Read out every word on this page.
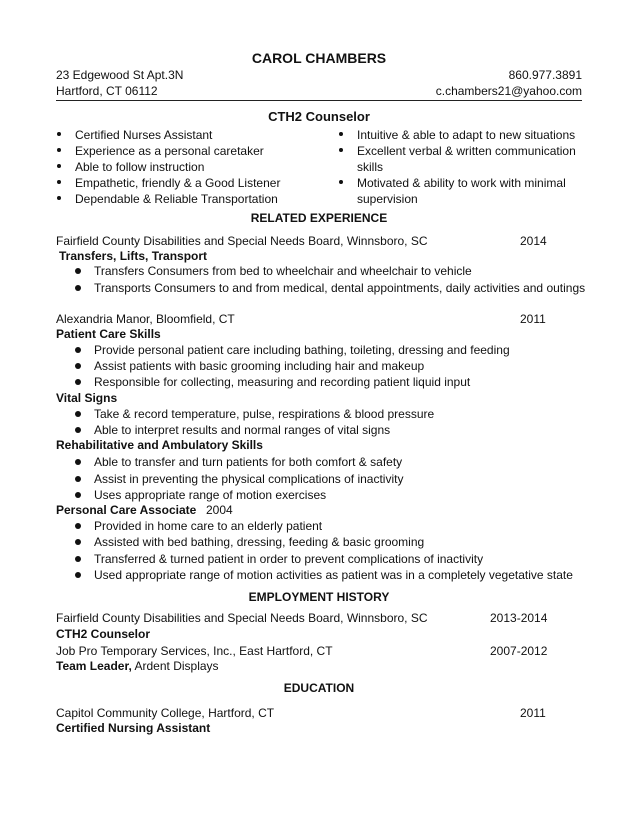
CAROL CHAMBERS
23 Edgewood St Apt.3N
Hartford, CT 06112
860.977.3891
c.chambers21@yahoo.com
CTH2 Counselor
Certified Nurses Assistant
Experience as a personal caretaker
Able to follow instruction
Empathetic, friendly & a Good Listener
Dependable & Reliable Transportation
Intuitive & able to adapt to new situations
Excellent verbal & written communication
skills
Motivated & ability to work with minimal
supervision
RELATED EXPERIENCE
Fairfield County Disabilities and Special Needs Board, Winnsboro, SC	2014
Transfers, Lifts, Transport
Transfers Consumers from bed to wheelchair and wheelchair to vehicle
Transports Consumers to and from medical, dental appointments, daily activities and outings
Alexandria Manor, Bloomfield, CT	2011
Patient Care Skills
Provide personal patient care including bathing, toileting, dressing and feeding
Assist patients with basic grooming including hair and makeup
Responsible for collecting, measuring and recording patient liquid input
Vital Signs
Take & record temperature, pulse, respirations & blood pressure
Able to interpret results and normal ranges of vital signs
Rehabilitative and Ambulatory Skills
Able to transfer and turn patients for both comfort & safety
Assist in preventing the physical complications of inactivity
Uses appropriate range of motion exercises
Personal Care Associate 2004
Provided in home care to an elderly patient
Assisted with bed bathing, dressing, feeding & basic grooming
Transferred & turned patient in order to prevent complications of inactivity
Used appropriate range of motion activities as patient was in a completely vegetative state
EMPLOYMENT HISTORY
Fairfield County Disabilities and Special Needs Board, Winnsboro, SC	2013-2014
CTH2 Counselor
Job Pro Temporary Services, Inc., East Hartford, CT	2007-2012
Team Leader, Ardent Displays
EDUCATION
Capitol Community College, Hartford, CT	2011
Certified Nursing Assistant
